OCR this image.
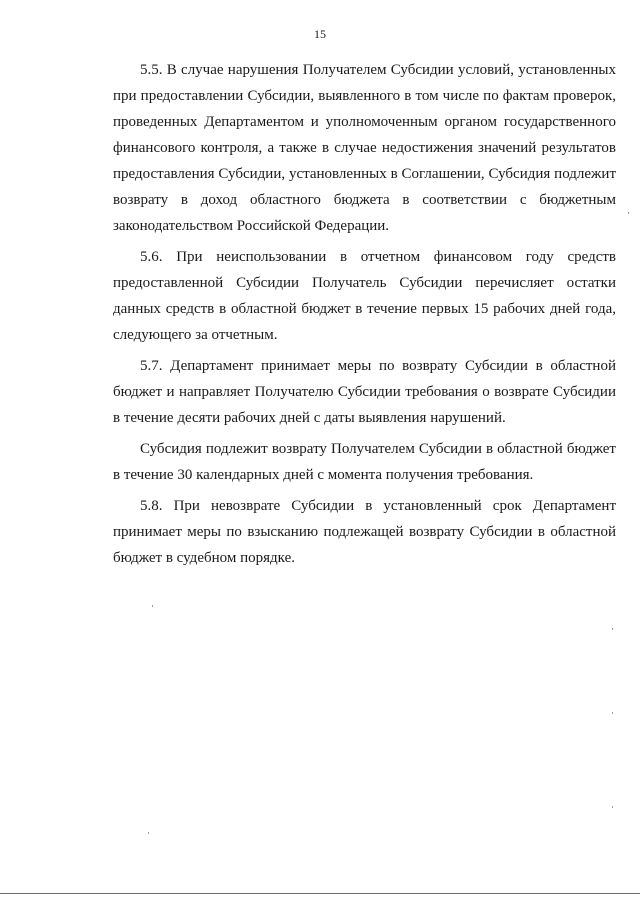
15

5.5. В случае нарушения Получателем Субсидии условий, установленных при предоставлении Субсидии, выявленного в том числе по фактам проверок, проведенных Департаментом и уполномоченным органом государственного финансового контроля, а также в случае недостижения значений результатов предоставления Субсидии, установленных в Соглашении, Субсидия подлежит возврату в доход областного бюджета в соответствии с бюджетным законодательством Российской Федерации.

5.6. При неиспользовании в отчетном финансовом году средств предоставленной Субсидии Получатель Субсидии перечисляет остатки данных средств в областной бюджет в течение первых 15 рабочих дней года, следующего за отчетным.

5.7. Департамент принимает меры по возврату Субсидии в областной бюджет и направляет Получателю Субсидии требования о возврате Субсидии в течение десяти рабочих дней с даты выявления нарушений.

Субсидия подлежит возврату Получателем Субсидии в областной бюджет в течение 30 календарных дней с момента получения требования.

5.8. При невозврате Субсидии в установленный срок Департамент принимает меры по взысканию подлежащей возврату Субсидии в областной бюджет в судебном порядке.
